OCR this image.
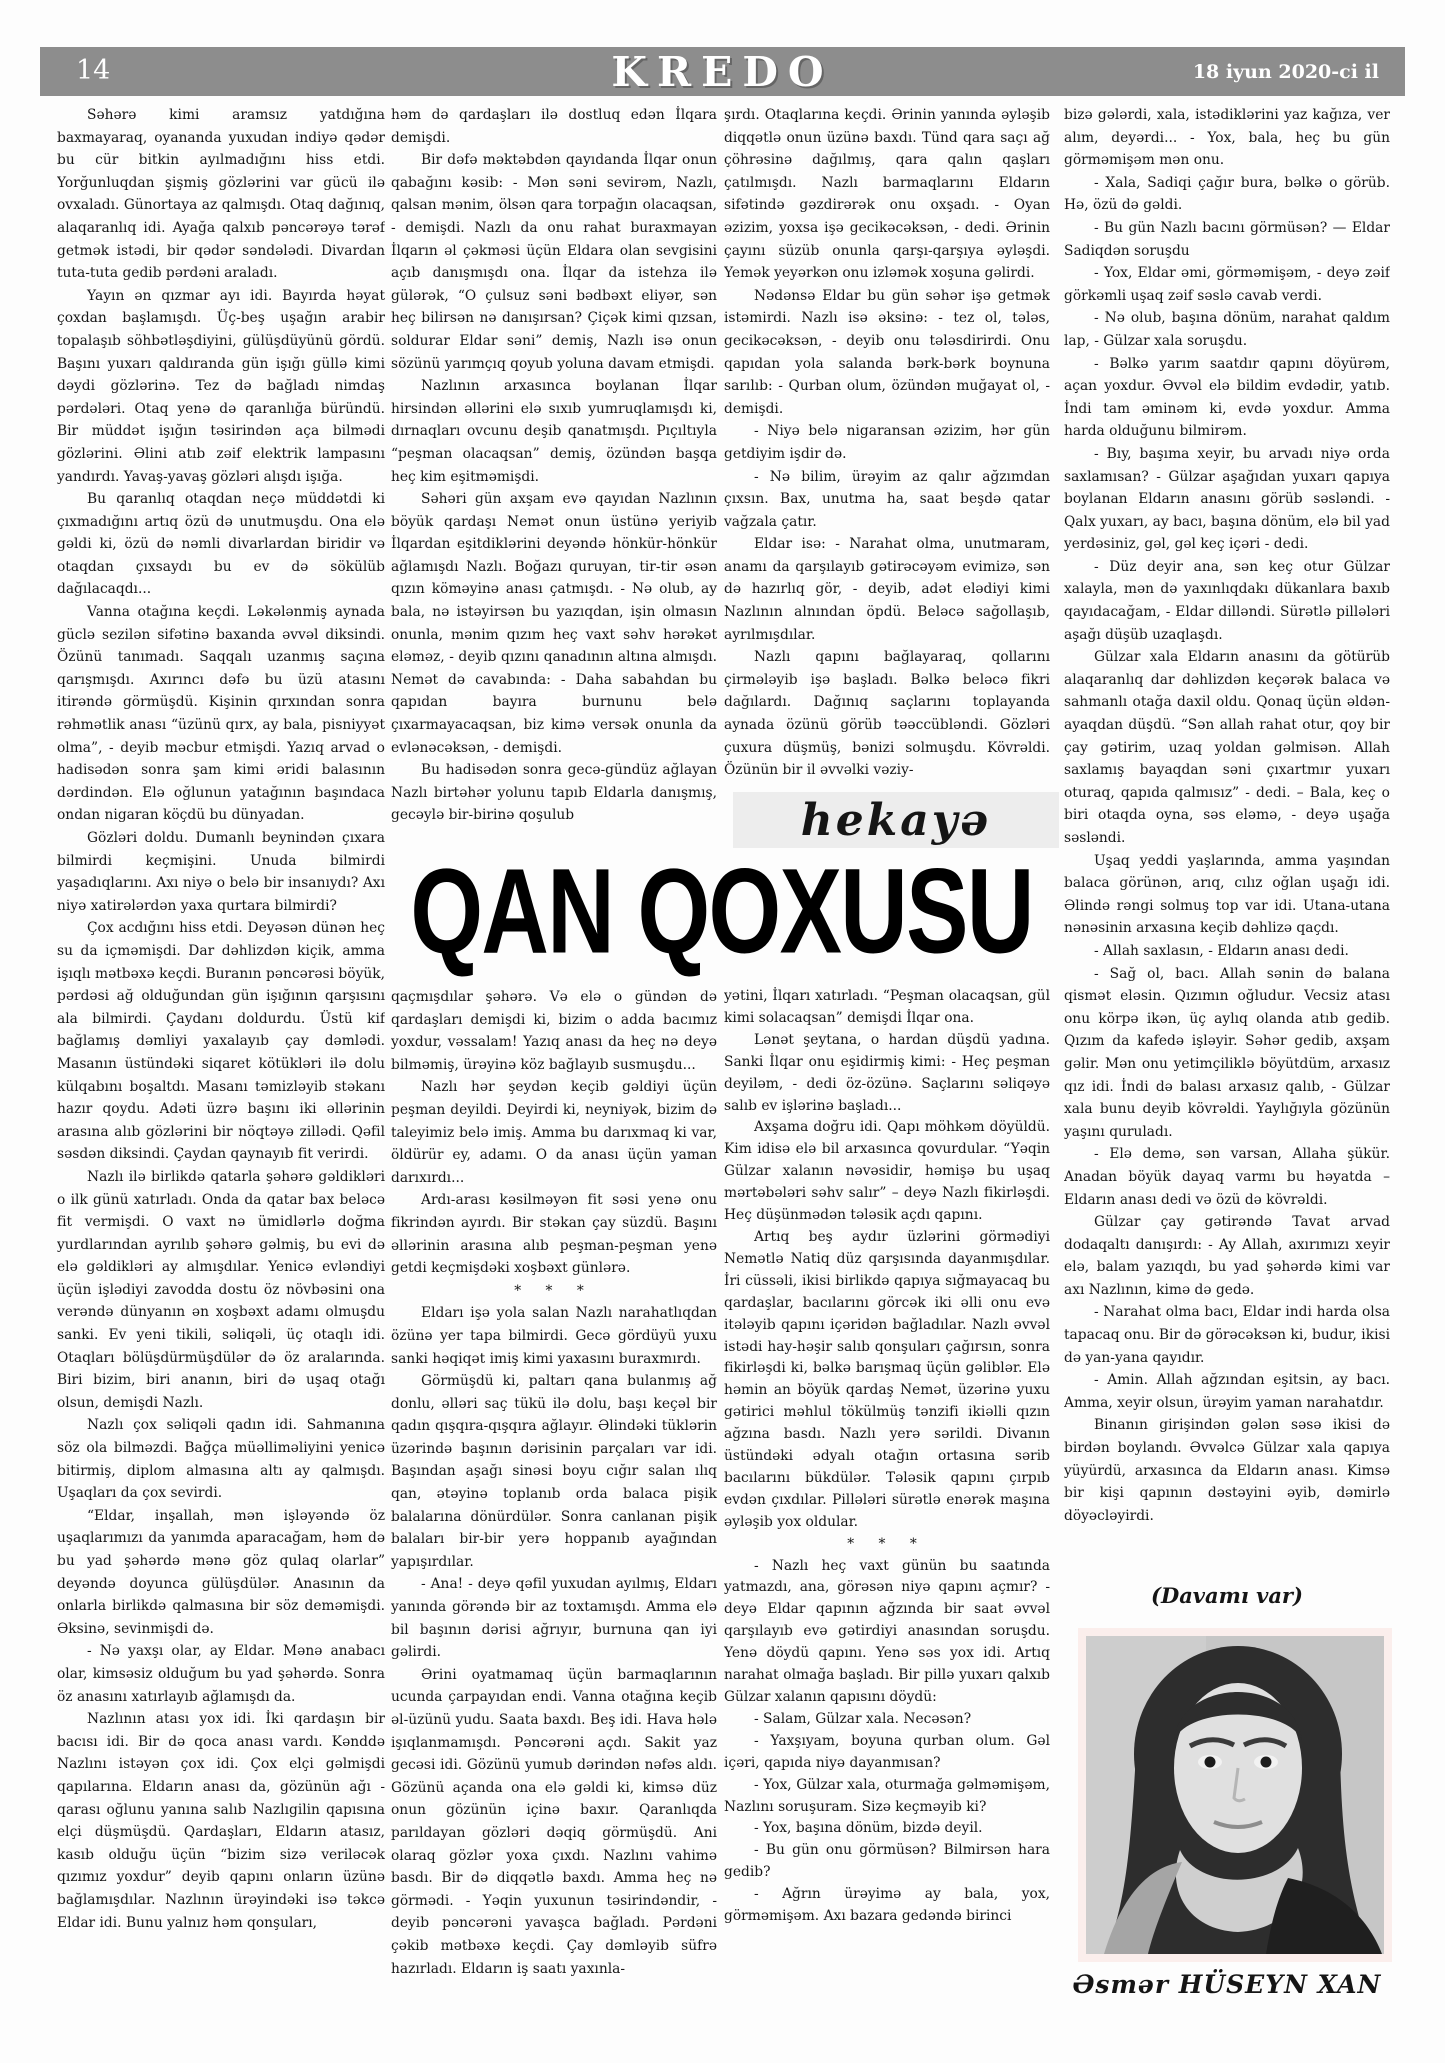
14	KREDO	18 iyun 2020-ci il
Səhərə kimi aramsız yatdığına baxmayaraq, oyananda yuxudan indiyə qədər bu cür bitkin ayılmadığını hiss etdi. Yorğunluqdan şişmiş gözlərini var gücü ilə ovxaladı. Günortaya az qalmışdı. Otaq dağınıq, alaqaranlıq idi. Ayağa qalxıb pəncərəyə tərəf getmək istədi, bir qədər səndələdi. Divardan tuta-tuta gedib pərdəni araladı.
Yayın ən qızmar ayı idi. Bayırda həyat çoxdan başlamışdı. Üç-beş uşağın arabir topalaşıb söhbətləşdiyini, gülüşdüyünü gördü. Başını yuxarı qaldıranda gün işığı güllə kimi dəydi gözlərinə. Tez də bağladı nimdaş pərdələri. Otaq yenə də qaranlığa büründü. Bir müddət işığın təsirindən aça bilmədi gözlərini. Əlini atıb zəif elektrik lampasını yandırdı. Yavaş-yavaş gözləri alışdı işığa.
Bu qaranlıq otaqdan neçə müddətdi ki çıxmadığını artıq özü də unutmuşdu. Ona elə gəldi ki, özü də nəmli divarlardan biridir və otaqdan çıxsaydı bu ev də sökülüb dağılacaqdı...
Vanna otağına keçdi. Ləkələnmiş aynada güclə sezilən sifətinə baxanda əvvəl diksindi. Özünü tanımadı. Saqqalı uzanmış saçına qarışmışdı. Axırıncı dəfə bu üzü atasını itirəndə görmüşdü. Kişinin qırxından sonra rəhmətlik anası “üzünü qırx, ay bala, pisniyyət olma”, - deyib məcbur etmişdi. Yazıq arvad o hadisədən sonra şam kimi əridi balasının dərdindən. Elə oğlunun yatağının başındaca ondan nigaran köçdü bu dünyadan.
Gözləri doldu. Dumanlı beynindən çıxara bilmirdi keçmişini. Unuda bilmirdi yaşadıqlarını. Axı niyə o belə bir insanıydı? Axı niyə xatirələrdən yaxa qurtara bilmirdi?
Çox acdığını hiss etdi. Deyəsən dünən heç su da içməmişdi. Dar dəhlizdən kiçik, amma işıqlı mətbəxə keçdi. Buranın pəncərəsi böyük, pərdəsi ağ olduğundan gün işığının qarşısını ala bilmirdi. Çaydanı doldurdu. Üstü kif bağlamış dəmliyi yaxalayıb çay dəmlədi. Masanın üstündəki siqaret kötükləri ilə dolu külqabını boşaltdı. Masanı təmizləyib stəkanı hazır qoydu. Adəti üzrə başını iki əllərinin arasına alıb gözlərini bir nöqtəyə zillədi. Qəfil səsdən diksindi. Çaydan qaynayıb fit verirdi.
Nazlı ilə birlikdə qatarla şəhərə gəldikləri o ilk günü xatırladı. Onda da qatar bax beləcə fit vermişdi. O vaxt nə ümidlərlə doğma yurdlarından ayrılıb şəhərə gəlmiş, bu evi də elə gəldikləri ay almışdılar. Yenicə evləndiyi üçün işlədiyi zavodda dostu öz növbəsini ona verəndə dünyanın ən xoşbəxt adamı olmuşdu sanki. Ev yeni tikili, səliqəli, üç otaqlı idi. Otaqları bölüşdürmüşdülər də öz aralarında. Biri bizim, biri ananın, biri də uşaq otağı olsun, demişdi Nazlı.
Nazlı çox səliqəli qadın idi. Sahmanına söz ola bilməzdi. Bağça müəlliməliyini yenicə bitirmiş, diplom almasına altı ay qalmışdı. Uşaqları da çox sevirdi.
“Eldar, inşallah, mən işləyəndə öz uşaqlarımızı da yanımda aparacağam, həm də bu yad şəhərdə mənə göz qulaq olarlar” deyəndə doyunca gülüşdülər. Anasının da onlarla birlikdə qalmasına bir söz deməmişdi. Əksinə, sevinmişdi də.
- Nə yaxşı olar, ay Eldar. Mənə anabacı olar, kimsəsiz olduğum bu yad şəhərdə. Sonra öz anasını xatırlayıb ağlamışdı da.
Nazlının atası yox idi. İki qardaşın bir bacısı idi. Bir də qoca anası vardı. Kənddə Nazlını istəyən çox idi. Çox elçi gəlmişdi qapılarına. Eldarın anası da, gözünün ağı - qarası oğlunu yanına salıb Nazlıgilin qapısına elçi düşmüşdü. Qardaşları, Eldarın atasız, kasıb olduğu üçün “bizim sizə veriləcək qızımız yoxdur” deyib qapını onların üzünə bağlamışdılar. Nazlının ürəyindəki isə təkcə Eldar idi. Bunu yalnız həm qonşuları,
həm də qardaşları ilə dostluq edən İlqara demişdi.
Bir dəfə məktəbdən qayıdanda İlqar onun qabağını kəsib: - Mən səni sevirəm, Nazlı, qalsan mənim, ölsən qara torpağın olacaqsan, - demişdi. Nazlı da onu rahat buraxmayan İlqarın əl çəkməsi üçün Eldara olan sevgisini açıb danışmışdı ona. İlqar da istehza ilə gülərək, “O çulsuz səni bədbəxt eliyər, sən heç bilirsən nə danışırsan? Çiçək kimi qızsan, soldurar Eldar səni” demiş, Nazlı isə onun sözünü yarımçıq qoyub yoluna davam etmişdi.
Nazlının arxasınca boylanan İlqar hirsindən əllərini elə sıxıb yumruqlamışdı ki, dırnaqları ovcunu deşib qanatmışdı. Pıçıltıyla “peşman olacaqsan” demiş, özündən başqa heç kim eşitməmişdi.
Səhəri gün axşam evə qayıdan Nazlının böyük qardaşı Nemət onun üstünə yeriyib İlqardan eşitdiklərini deyəndə hönkür-hönkür ağlamışdı Nazlı. Boğazı quruyan, tir-tir əsən qızın köməyinə anası çatmışdı. - Nə olub, ay bala, nə istəyirsən bu yazıqdan, işin olmasın onunla, mənim qızım heç vaxt səhv hərəkət eləməz, - deyib qızını qanadının altına almışdı. Nemət də cavabında: - Daha sabahdan bu qapıdan bayıra burnunu belə çıxarmayacaqsan, biz kimə versək onunla da evlənəcəksən, - demişdi.
Bu hadisədən sonra gecə-gündüz ağlayan Nazlı birtəhər yolunu tapıb Eldarla danışmış, gecəylə bir-birinə qoşulub
qaçmışdılar şəhərə. Və elə o gündən də qardaşları demişdi ki, bizim o adda bacımız yoxdur, vəssalam! Yazıq anası da heç nə deyə bilməmiş, ürəyinə köz bağlayıb susmuşdu...
Nazlı hər şeydən keçib gəldiyi üçün peşman deyildi. Deyirdi ki, neyniyək, bizim də taleyimiz belə imiş. Amma bu darıxmaq ki var, öldürür ey, adamı. O da anası üçün yaman darıxırdı...
Ardı-arası kəsilməyən fit səsi yenə onu fikrindən ayırdı. Bir stəkan çay süzdü. Başını əllərinin arasına alıb peşman-peşman yenə getdi keçmişdəki xoşbəxt günlərə.
* * *
Eldarı işə yola salan Nazlı narahatlıqdan özünə yer tapa bilmirdi. Gecə gördüyü yuxu sanki həqiqət imiş kimi yaxasını buraxmırdı.
Görmüşdü ki, paltarı qana bulanmış ağ donlu, əlləri saç tükü ilə dolu, başı keçəl bir qadın qışqıra-qışqıra ağlayır. Əlindəki tüklərin üzərində başının dərisinin parçaları var idi. Başından aşağı sinəsi boyu cığır salan ılıq qan, ətəyinə toplanıb orda balaca pişik balalarına dönürdülər. Sonra canlanan pişik balaları bir-bir yerə hoppanıb ayağından yapışırdılar.
- Ana! - deyə qəfil yuxudan ayılmış, Eldarı yanında görəndə bir az toxtamışdı. Amma elə bil başının dərisi ağrıyır, burnuna qan iyi gəlirdi.
Ərini oyatmamaq üçün barmaqlarının ucunda çarpayıdan endi. Vanna otağına keçib əl-üzünü yudu. Saata baxdı. Beş idi. Hava hələ işıqlanmamışdı. Pəncərəni açdı. Sakit yaz gecəsi idi. Gözünü yumub dərindən nəfəs aldı. Gözünü açanda ona elə gəldi ki, kimsə düz onun gözünün içinə baxır. Qaranlıqda parıldayan gözləri dəqiq görmüşdü. Ani olaraq gözlər yoxa çıxdı. Nazlını vahimə basdı. Bir də diqqətlə baxdı. Amma heç nə görmədi. - Yəqin yuxunun təsirindəndir, - deyib pəncərəni yavaşca bağladı. Pərdəni çəkib mətbəxə keçdi. Çay dəmləyib süfrə hazırladı. Eldarın iş saatı yaxınla-
şırdı. Otaqlarına keçdi. Ərinin yanında əyləşib diqqətlə onun üzünə baxdı. Tünd qara saçı ağ çöhrəsinə dağılmış, qara qalın qaşları çatılmışdı. Nazlı barmaqlarını Eldarın sifətində gəzdirərək onu oxşadı. - Oyan əzizim, yoxsa işə gecikəcəksən, - dedi. Ərinin çayını süzüb onunla qarşı-qarşıya əyləşdi. Yemək yeyərkən onu izləmək xoşuna gəlirdi.
Nədənsə Eldar bu gün səhər işə getmək istəmirdi. Nazlı isə əksinə: - tez ol, tələs, gecikəcəksən, - deyib onu tələsdirirdi. Onu qapıdan yola salanda bərk-bərk boynuna sarılıb: - Qurban olum, özündən muğayat ol, - demişdi.
- Niyə belə nigaransan əzizim, hər gün getdiyim işdir də.
- Nə bilim, ürəyim az qalır ağzımdan çıxsın. Bax, unutma ha, saat beşdə qatar vağzala çatır.
Eldar isə: - Narahat olma, unutmaram, anamı da qarşılayıb gətirəcəyəm evimizə, sən də hazırlıq gör, - deyib, adət elədiyi kimi Nazlının alnından öpdü. Beləcə sağollaşıb, ayrılmışdılar.
Nazlı qapını bağlayaraq, qollarını çirmələyib işə başladı. Bəlkə beləcə fikri dağılardı. Dağınıq saçlarını toplayanda aynada özünü görüb təəccübləndi. Gözləri çuxura düşmüş, bənizi solmuşdu. Kövrəldi. Özünün bir il əvvəlki vəziy-
yətini, İlqarı xatırladı. “Peşman olacaqsan, gül kimi solacaqsan” demişdi İlqar ona.
Lənət şeytana, o hardan düşdü yadına. Sanki İlqar onu eşidirmiş kimi: - Heç peşman deyiləm, - dedi öz-özünə. Saçlarını səliqəyə salıb ev işlərinə başladı...
Axşama doğru idi. Qapı möhkəm döyüldü. Kim idisə elə bil arxasınca qovurdular. “Yəqin Gülzar xalanın nəvəsidir, həmişə bu uşaq mərtəbələri səhv salır” – deyə Nazlı fikirləşdi. Heç düşünmədən tələsik açdı qapını.
Artıq beş aydır üzlərini görmədiyi Nemətlə Natiq düz qarşısında dayanmışdılar. İri cüssəli, ikisi birlikdə qapıya sığmayacaq bu qardaşlar, bacılarını görcək iki əlli onu evə itələyib qapını içəridən bağladılar. Nazlı əvvəl istədi hay-həşir salıb qonşuları çağırsın, sonra fikirləşdi ki, bəlkə barışmaq üçün gəliblər. Elə həmin an böyük qardaş Nemət, üzərinə yuxu gətirici məhlul tökülmüş tənzifi ikiəlli qızın ağzına basdı. Nazlı yerə sərildi. Divanın üstündəki ədyalı otağın ortasına sərib bacılarını bükdülər. Tələsik qapını çırpıb evdən çıxdılar. Pillələri sürətlə enərək maşına əyləşib yox oldular.
* * *
- Nazlı heç vaxt günün bu saatında yatmazdı, ana, görəsən niyə qapını açmır? - deyə Eldar qapının ağzında bir saat əvvəl qarşılayıb evə gətirdiyi anasından soruşdu. Yenə döydü qapını. Yenə səs yox idi. Artıq narahat olmağa başladı. Bir pillə yuxarı qalxıb Gülzar xalanın qapısını döydü:
- Salam, Gülzar xala. Necəsən?
- Yaxşıyam, boyuna qurban olum. Gəl içəri, qapıda niyə dayanmısan?
- Yox, Gülzar xala, oturmağa gəlməmişəm, Nazlını soruşuram. Sizə keçməyib ki?
- Yox, başına dönüm, bizdə deyil.
- Bu gün onu görmüsən? Bilmirsən hara gedib?
- Ağrın ürəyimə ay bala, yox, görməmişəm. Axı bazara gedəndə birinci
bizə gələrdi, xala, istədiklərini yaz kağıza, ver alım, deyərdi... - Yox, bala, heç bu gün görməmişəm mən onu.
- Xala, Sadiqi çağır bura, bəlkə o görüb. Hə, özü də gəldi.
- Bu gün Nazlı bacını görmüsən? — Eldar Sadiqdən soruşdu
- Yox, Eldar əmi, görməmişəm, - deyə zəif görkəmli uşaq zəif səslə cavab verdi.
- Nə olub, başına dönüm, narahat qaldım lap, - Gülzar xala soruşdu.
- Bəlkə yarım saatdır qapını döyürəm, açan yoxdur. Əvvəl elə bildim evdədir, yatıb. İndi tam əminəm ki, evdə yoxdur. Amma harda olduğunu bilmirəm.
- Bıy, başıma xeyir, bu arvadı niyə orda saxlamısan? - Gülzar aşağıdan yuxarı qapıya boylanan Eldarın anasını görüb səsləndi. - Qalx yuxarı, ay bacı, başına dönüm, elə bil yad yerdəsiniz, gəl, gəl keç içəri - dedi.
- Düz deyir ana, sən keç otur Gülzar xalayla, mən də yaxınlıqdakı dükanlara baxıb qayıdacağam, - Eldar dilləndi. Sürətlə pillələri aşağı düşüb uzaqlaşdı.
Gülzar xala Eldarın anasını da götürüb alaqaranlıq dar dəhlizdən keçərək balaca və sahmanlı otağa daxil oldu. Qonaq üçün əldən-ayaqdan düşdü. “Sən allah rahat otur, qoy bir çay gətirim, uzaq yoldan gəlmisən. Allah saxlamış bayaqdan səni çıxartmır yuxarı oturaq, qapıda qalmısız” - dedi. – Bala, keç o biri otaqda oyna, səs eləmə, - deyə uşağa səsləndi.
Uşaq yeddi yaşlarında, amma yaşından balaca görünən, arıq, cılız oğlan uşağı idi. Əlində rəngi solmuş top var idi. Utana-utana nənəsinin arxasına keçib dəhlizə qaçdı.
- Allah saxlasın, - Eldarın anası dedi.
- Sağ ol, bacı. Allah sənin də balana qismət eləsin. Qızımın oğludur. Vecsiz atası onu körpə ikən, üç aylıq olanda atıb gedib. Qızım da kafedə işləyir. Səhər gedib, axşam gəlir. Mən onu yetimçiliklə böyütdüm, arxasız qız idi. İndi də balası arxasız qalıb, - Gülzar xala bunu deyib kövrəldi. Yaylığıyla gözünün yaşını quruladı.
- Elə demə, sən varsan, Allaha şükür. Anadan böyük dayaq varmı bu həyatda – Eldarın anası dedi və özü də kövrəldi.
Gülzar çay gətirəndə Tavat arvad dodaqaltı danışırdı: - Ay Allah, axırımızı xeyir elə, balam yazıqdı, bu yad şəhərdə kimi var axı Nazlının, kimə də gedə.
- Narahat olma bacı, Eldar indi harda olsa tapacaq onu. Bir də görəcəksən ki, budur, ikisi də yan-yana qayıdır.
- Amin. Allah ağzından eşitsin, ay bacı. Amma, xeyir olsun, ürəyim yaman narahatdır.
Binanın girişindən gələn səsə ikisi də birdən boylandı. Əvvəlcə Gülzar xala qapıya yüyürdü, arxasınca da Eldarın anası. Kimsə bir kişi qapının dəstəyini əyib, dəmirlə döyəcləyirdi.
hekayə
QAN QOXUSU
(Davamı var)
Əsmər HÜSEYN XAN
